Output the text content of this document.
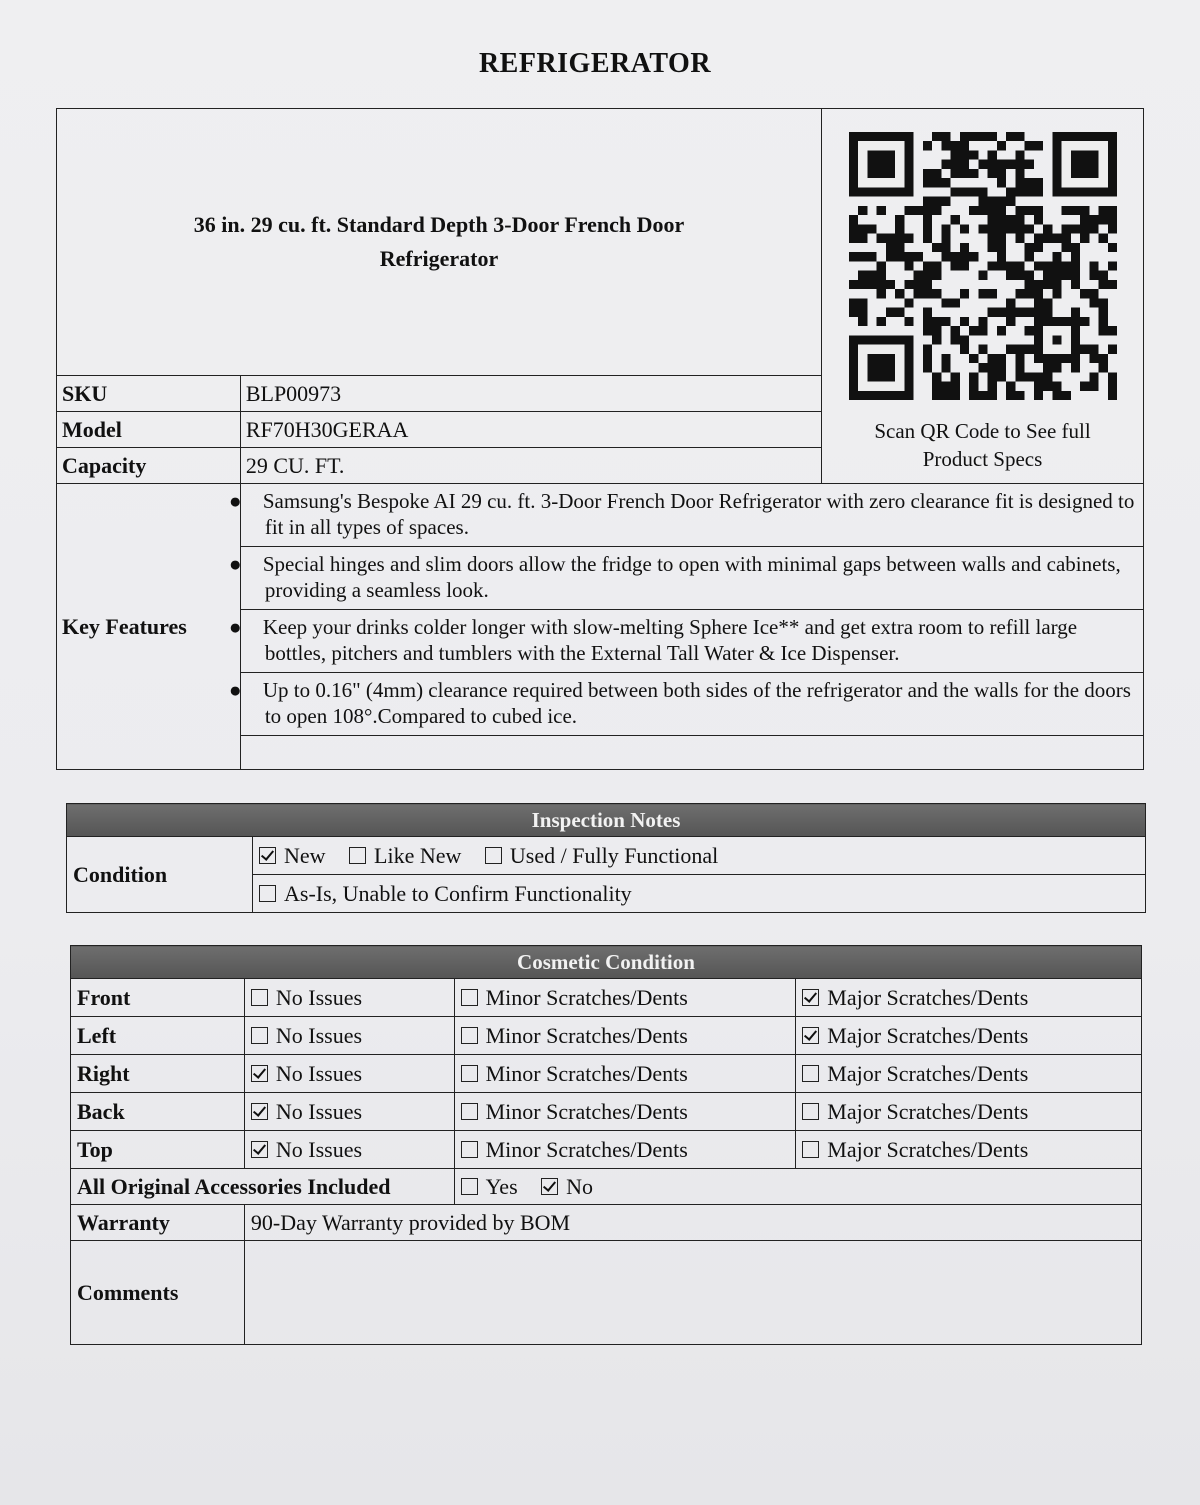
REFRIGERATOR
36 in. 29 cu. ft. Standard Depth 3-Door French Door
Refrigerator		Scan QR Code to See full
Product Specs

SKU	BLP00973	
Model	RF70H30GERAA	
Capacity	29 CU. FT.	
Key Features	● Samsung's Bespoke AI 29 cu. ft. 3-Door French Door Refrigerator with zero clearance fit is designed to fit in all types of spaces.	

	● Special hinges and slim doors allow the fridge to open with minimal gaps between walls and cabinets, providing a seamless look.	

	● Keep your drinks colder longer with slow-melting Sphere Ice** and get extra room to refill large bottles, pitchers and tumblers with the External Tall Water & Ice Dispenser.	

	● Up to 0.16" (4mm) clearance required between both sides of the refrigerator and the walls for the doors to open 108°.Compared to cubed ice.	

Inspection Notes
Condition	New Like New Used / Fully Functional
As-Is, Unable to Confirm Functionality
Cosmetic Condition			
Front	No Issues	Minor Scratches/Dents	Major Scratches/Dents
Left	No Issues	Minor Scratches/Dents	Major Scratches/Dents
Right	No Issues	Minor Scratches/Dents	Major Scratches/Dents
Back	No Issues	Minor Scratches/Dents	Major Scratches/Dents
Top	No Issues	Minor Scratches/Dents	Major Scratches/Dents
All Original Accessories Included		Yes No	
Warranty	90-Day Warranty provided by BOM		
Comments			
